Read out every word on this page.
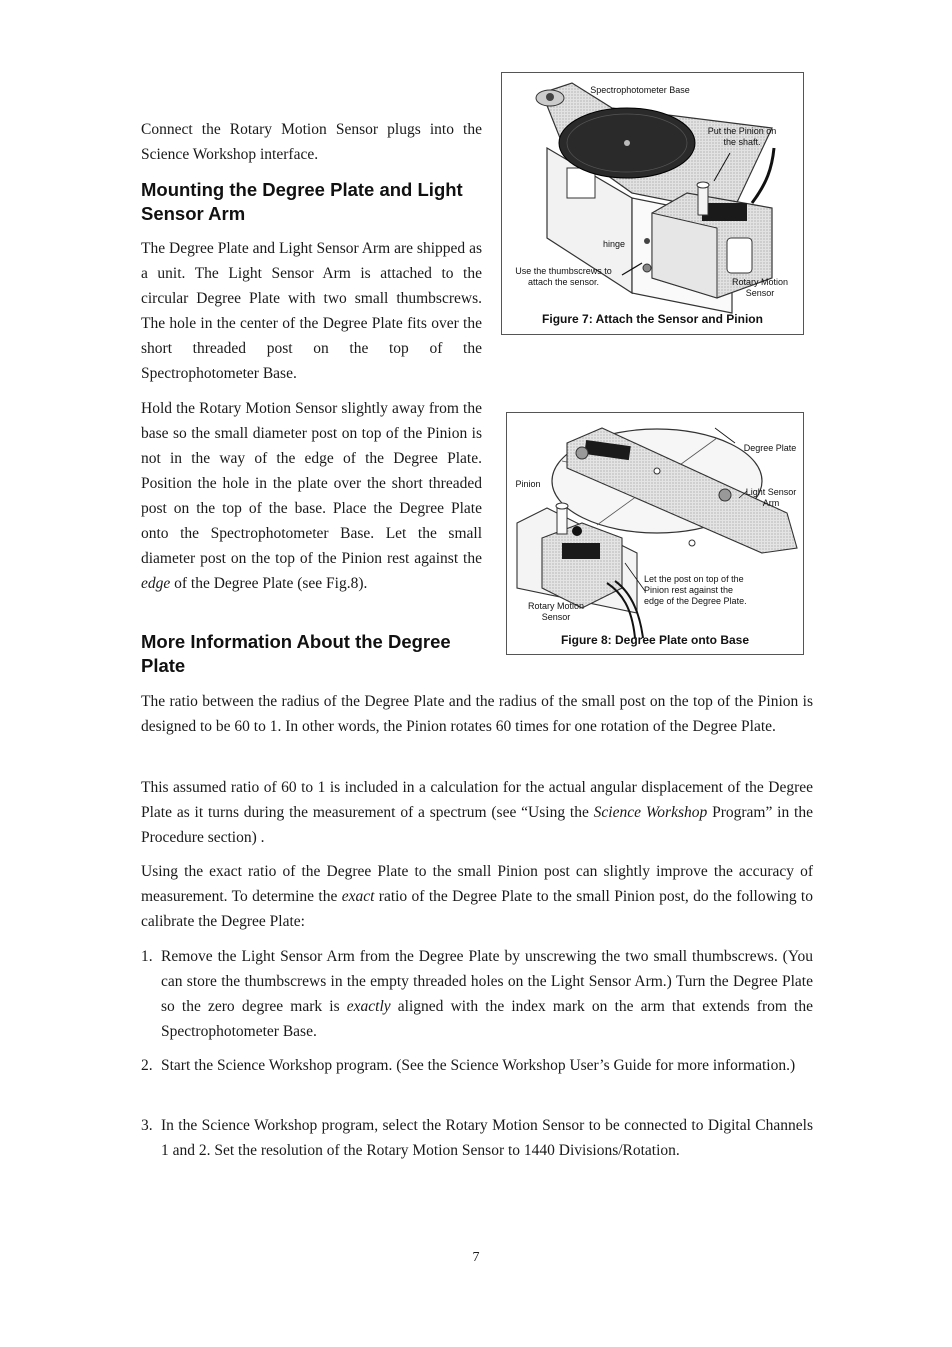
Connect the Rotary Motion Sensor plugs into the Science Workshop interface.

Mounting the Degree Plate and Light Sensor Arm

The Degree Plate and Light Sensor Arm are shipped as a unit. The Light Sensor Arm is attached to the circular Degree Plate with two small thumbscrews. The hole in the center of the Degree Plate fits over the short threaded post on the top of the Spectrophotometer Base.

Hold the Rotary Motion Sensor slightly away from the base so the small diameter post on top of the Pinion is not in the way of the edge of the Degree Plate. Position the hole in the plate over the short threaded post on the top of the base. Place the Degree Plate onto the Spectrophotometer Base. Let the small diameter post on the top of the Pinion rest against the edge of the Degree Plate (see Fig.8).

More Information About the Degree Plate
Spectrophotometer Base
Put the Pinion on the shaft.
hinge
Use the thumbscrews to attach the sensor.	Rotary Motion Sensor
Figure 7: Attach the Sensor and Pinion
Degree Plate
Pinion
Light Sensor Arm
Let the post on top of the Pinion rest against the edge of the Degree Plate.
Rotary Motion Sensor
Figure 8: Degree Plate onto Base

The ratio between the radius of the Degree Plate and the radius of the small post on the top of the Pinion is designed to be 60 to 1. In other words, the Pinion rotates 60 times for one rotation of the Degree Plate.

This assumed ratio of 60 to 1 is included in a calculation for the actual angular displacement of the Degree Plate as it turns during the measurement of a spectrum (see “Using the Science Workshop Program” in the Procedure section) .

Using the exact ratio of the Degree Plate to the small Pinion post can slightly improve the accuracy of measurement. To determine the exact ratio of the Degree Plate to the small Pinion post, do the following to calibrate the Degree Plate:

1. Remove the Light Sensor Arm from the Degree Plate by unscrewing the two small thumbscrews. (You can store the thumbscrews in the empty threaded holes on the Light Sensor Arm.) Turn the Degree Plate so the zero degree mark is exactly aligned with the index mark on the arm that extends from the Spectrophotometer Base.
2. Start the Science Workshop program. (See the Science Workshop User’s Guide for more information.)
3. In the Science Workshop program, select the Rotary Motion Sensor to be connected to Digital Channels 1 and 2. Set the resolution of the Rotary Motion Sensor to 1440 Divisions/Rotation.
7
